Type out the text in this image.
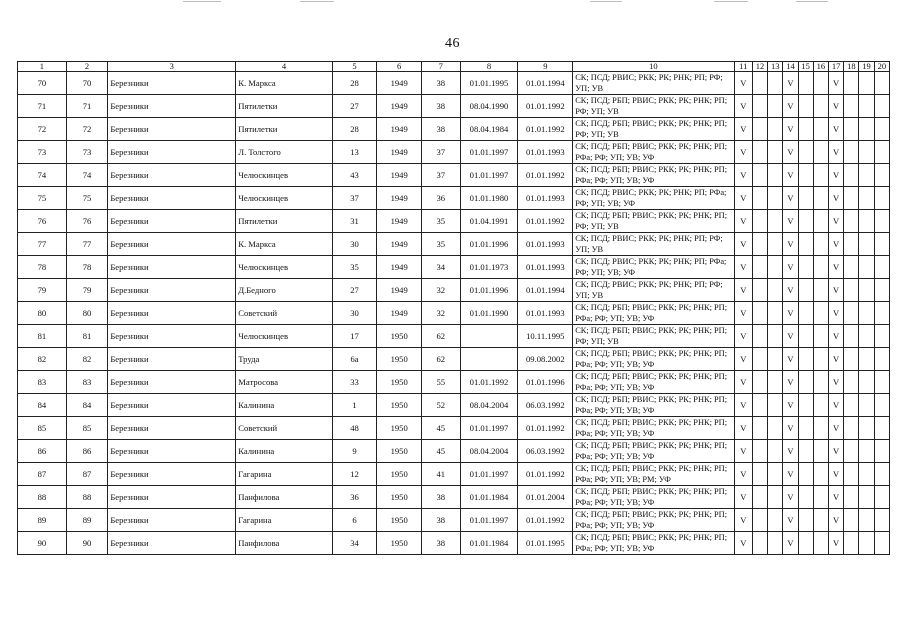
46
1	2	3	4	5	6	7	8	9	10	11	12	13	14	15	16	17	18	19	20
70	70	Березники	К. Маркса	28	1949	38	01.01.1995	01.01.1994	СК; ПСД; РВИС; РКК; РК; РНК; РП; РФ; УП; УВ	V			V			V			
71	71	Березники	Пятилетки	27	1949	38	08.04.1990	01.01.1992	СК; ПСД; РБП; РВИС; РКК; РК; РНК; РП; РФ; УП; УВ	V			V			V			
72	72	Березники	Пятилетки	28	1949	38	08.04.1984	01.01.1992	СК; ПСД; РБП; РВИС; РКК; РК; РНК; РП; РФ; УП; УВ	V			V			V			
73	73	Березники	Л. Толстого	13	1949	37	01.01.1997	01.01.1993	СК; ПСД; РБП; РВИС; РКК; РК; РНК; РП; РФа; РФ; УП; УВ; УФ	V			V			V			
74	74	Березники	Челюскинцев	43	1949	37	01.01.1997	01.01.1992	СК; ПСД; РБП; РВИС; РКК; РК; РНК; РП; РФа; РФ; УП; УВ; УФ	V			V			V			
75	75	Березники	Челюскинцев	37	1949	36	01.01.1980	01.01.1993	СК; ПСД; РВИС; РКК; РК; РНК; РП; РФа; РФ; УП; УВ; УФ	V			V			V			
76	76	Березники	Пятилетки	31	1949	35	01.04.1991	01.01.1992	СК; ПСД; РБП; РВИС; РКК; РК; РНК; РП; РФ; УП; УВ	V			V			V			
77	77	Березники	К. Маркса	30	1949	35	01.01.1996	01.01.1993	СК; ПСД; РВИС; РКК; РК; РНК; РП; РФ; УП; УВ	V			V			V			
78	78	Березники	Челюскинцев	35	1949	34	01.01.1973	01.01.1993	СК; ПСД; РВИС; РКК; РК; РНК; РП; РФа; РФ; УП; УВ; УФ	V			V			V			
79	79	Березники	Д.Бедного	27	1949	32	01.01.1996	01.01.1994	СК; ПСД; РВИС; РКК; РК; РНК; РП; РФ; УП; УВ	V			V			V			
80	80	Березники	Советский	30	1949	32	01.01.1990	01.01.1993	СК; ПСД; РБП; РВИС; РКК; РК; РНК; РП; РФа; РФ; УП; УВ; УФ	V			V			V			
81	81	Березники	Челюскинцев	17	1950	62		10.11.1995	СК; ПСД; РБП; РВИС; РКК; РК; РНК; РП; РФ; УП; УВ	V			V			V			
82	82	Березники	Труда	6а	1950	62		09.08.2002	СК; ПСД; РБП; РВИС; РКК; РК; РНК; РП; РФа; РФ; УП; УВ; УФ	V			V			V			
83	83	Березники	Матросова	33	1950	55	01.01.1992	01.01.1996	СК; ПСД; РБП; РВИС; РКК; РК; РНК; РП; РФа; РФ; УП; УВ; УФ	V			V			V			
84	84	Березники	Калинина	1	1950	52	08.04.2004	06.03.1992	СК; ПСД; РБП; РВИС; РКК; РК; РНК; РП; РФа; РФ; УП; УВ; УФ	V			V			V			
85	85	Березники	Советский	48	1950	45	01.01.1997	01.01.1992	СК; ПСД; РБП; РВИС; РКК; РК; РНК; РП; РФа; РФ; УП; УВ; УФ	V			V			V			
86	86	Березники	Калинина	9	1950	45	08.04.2004	06.03.1992	СК; ПСД; РБП; РВИС; РКК; РК; РНК; РП; РФа; РФ; УП; УВ; УФ	V			V			V			
87	87	Березники	Гагарина	12	1950	41	01.01.1997	01.01.1992	СК; ПСД; РБП; РВИС; РКК; РК; РНК; РП; РФа; РФ; УП; УВ; РМ; УФ	V			V			V			
88	88	Березники	Панфилова	36	1950	38	01.01.1984	01.01.2004	СК; ПСД; РБП; РВИС; РКК; РК; РНК; РП; РФа; РФ; УП; УВ; УФ	V			V			V			
89	89	Березники	Гагарина	6	1950	38	01.01.1997	01.01.1992	СК; ПСД; РБП; РВИС; РКК; РК; РНК; РП; РФа; РФ; УП; УВ; УФ	V			V			V			
90	90	Березники	Панфилова	34	1950	38	01.01.1984	01.01.1995	СК; ПСД; РБП; РВИС; РКК; РК; РНК; РП; РФа; РФ; УП; УВ; УФ	V			V			V			
